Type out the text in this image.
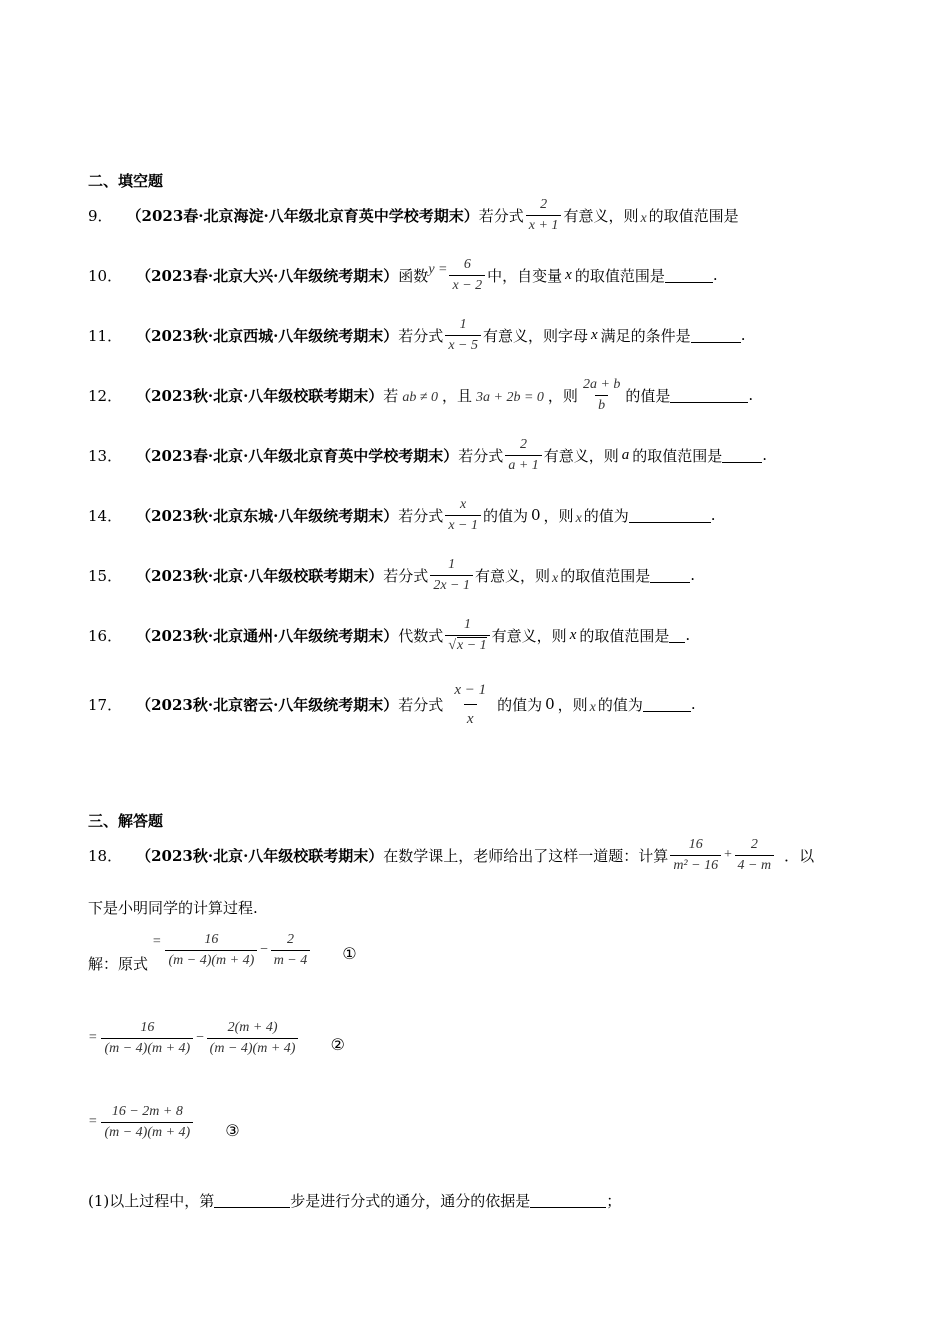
二、填空题
9． （2023春·北京海淀·八年级北京育英中学校考期末） 若分式 $\frac{2}{x + 1}$ 有意义，则 x 的取值范围是
10． （2023春·北京大兴·八年级统考期末） 函数 $y = \frac{6}{x - 2}$ 中，自变量 x 的取值范围是	.
11． （2023秋·北京西城·八年级统考期末） 若分式 $\frac{1}{x - 5}$ 有意义，则字母 x 满足的条件是	.
12． （2023秋·北京·八年级校联考期末） 若 ab ≠ 0 ，且 3a + 2b = 0 ，则 $\frac{2a + b}{b}$ 的值是	.
13． （2023春·北京·八年级北京育英中学校考期末） 若分式 $\frac{2}{a + 1}$ 有意义，则 a 的取值范围是	.
14． （2023秋·北京东城·八年级统考期末） 若分式 $\frac{x}{x - 1}$ 的值为 0 ，则 x 的值为	.
15． （2023秋·北京·八年级校联考期末） 若分式 $\frac{1}{2x - 1}$ 有意义，则 x 的取值范围是	.
16． （2023秋·北京通州·八年级统考期末） 代数式 $\frac{1}{√x - 1}$ 有意义，则 x 的取值范围是 .
17． （2023秋·北京密云·八年级统考期末） 若分式 $\frac{x - 1}{x}$ 的值为 0 ，则 x 的值为	.
三、解答题
18． （2023秋·北京·八年级校联考期末） 在数学课上，老师给出了这样一道题：计算 $\frac{16}{\text{m² − 16}} + \frac{2}{4 - m}$ ．以
下是小明同学的计算过程.
解：原式
= $\frac{16}{(m - 4)(m + 4)} - \frac{2}{m - 4}$ ①
= $\frac{16}{(m - 4)(m + 4)} - \frac{2(m + 4)}{(m - 4)(m + 4)}$ ②
= $\frac{16 - 2m + 8}{(m - 4)(m + 4)}$ ③
(1)以上过程中，第	步是进行分式的通分，通分的依据是	；
